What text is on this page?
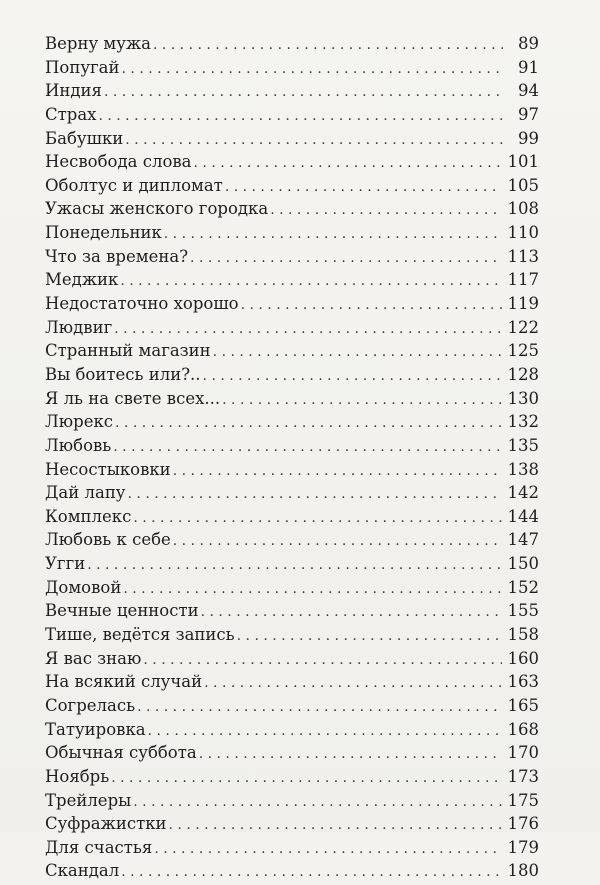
Верну мужа . . .	89
Попугай . . .	91
Индия . . .	94
Страх . . .	97
Бабушки . . .	99
Несвобода слова . . .	101
Оболтус и дипломат . . .	105
Ужасы женского городка . . .	108
Понедельник . . .	110
Что за времена? . . .	113
Меджик . . .	117
Недостаточно хорошо . . .	119
Людвиг . . .	122
Странный магазин . . .	125
Вы боитесь или?.. . . .	128
Я ль на свете всех... . . .	130
Люрекс . . .	132
Любовь . . .	135
Несостыковки . . .	138
Дай лапу . . .	142
Комплекс . . .	144
Любовь к себе . . .	147
Угги . . .	150
Домовой . . .	152
Вечные ценности . . .	155
Тише, ведётся запись . . .	158
Я вас знаю . . .	160
На всякий случай . . .	163
Согрелась . . .	165
Татуировка . . .	168
Обычная суббота . . .	170
Ноябрь . . .	173
Трейлеры . . .	175
Суфражистки . . .	176
Для счастья . . .	179
Скандал . . .	180
